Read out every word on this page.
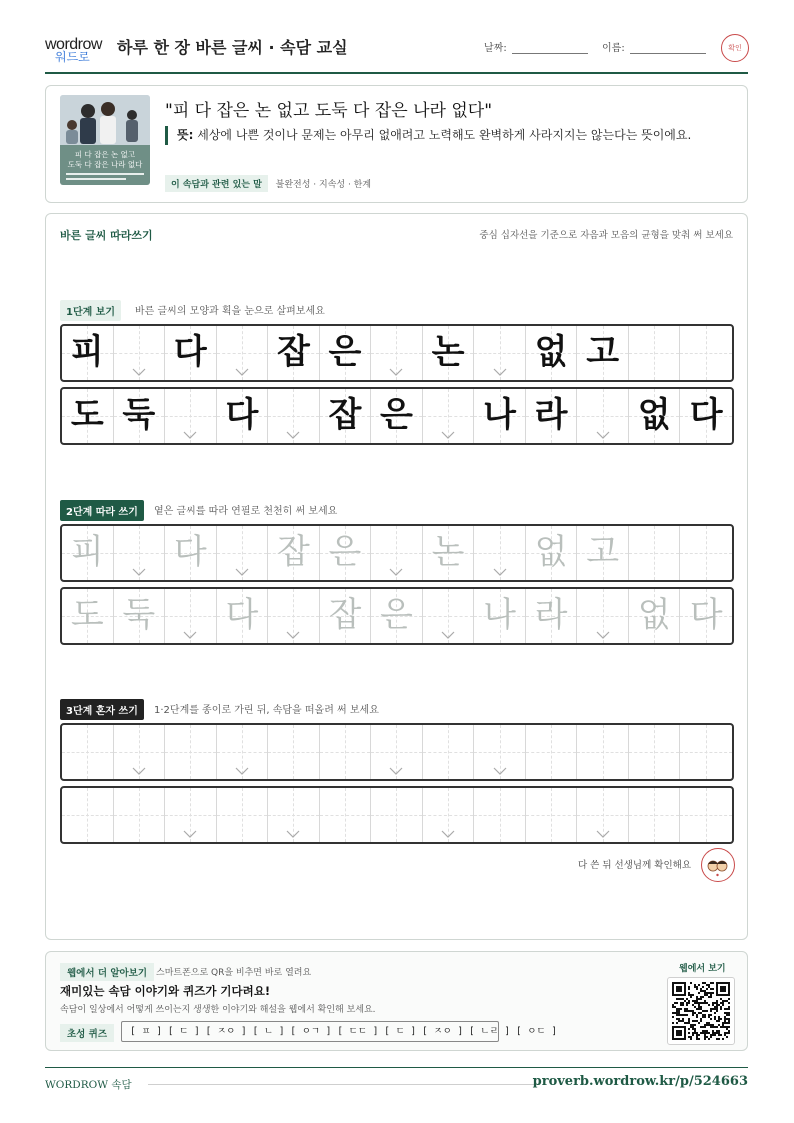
wordrow
워드로 하루 한 장 바른 글씨 · 속담 교실	날짜:	이름:	확인
피 다 잡은 논 없고
도둑 다 잡은 나라 없다
"피 다 잡은 논 없고 도둑 다 잡은 나라 없다"
뜻: 세상에 나쁜 것이나 문제는 아무리 없애려고 노력해도 완벽하게 사라지지는 않는다는 뜻이에요.
이 속담과 관련 있는 말 불완전성 · 지속성 · 한계
바른 글씨 따라쓰기	중심 십자선을 기준으로 자음과 모음의 균형을 맞춰 써 보세요
1단계 보기	바른 글씨의 모양과 획을 눈으로 살펴보세요
피 다 잡 은 논 없 고
도 둑 다 잡 은 나 라 없 다
2단계 따라 쓰기	옅은 글씨를 따라 연필로 천천히 써 보세요
피 다 잡 은 논 없 고
도 둑 다 잡 은 나 라 없 다
3단계 혼자 쓰기	1·2단계를 종이로 가린 뒤, 속담을 떠올려 써 보세요
다 쓴 뒤 선생님께 확인해요
웹에서 더 알아보기 스마트폰으로 QR을 비추면 바로 열려요
재미있는 속담 이야기와 퀴즈가 기다려요!
속담이 일상에서 어떻게 쓰이는지 생생한 이야기와 해설을 웹에서 확인해 보세요.
초성 퀴즈	[ ㅍ ] [ ㄷ ] [ ㅈㅇ ] [ ㄴ ] [ ㅇㄱ ] [ ㄷㄷ ] [ ㄷ ] [ ㅈㅇ ] [ ㄴㄹ ] [ ㅇㄷ ]
웹에서 보기
WORDROW 속담	proverb.wordrow.kr/p/524663
